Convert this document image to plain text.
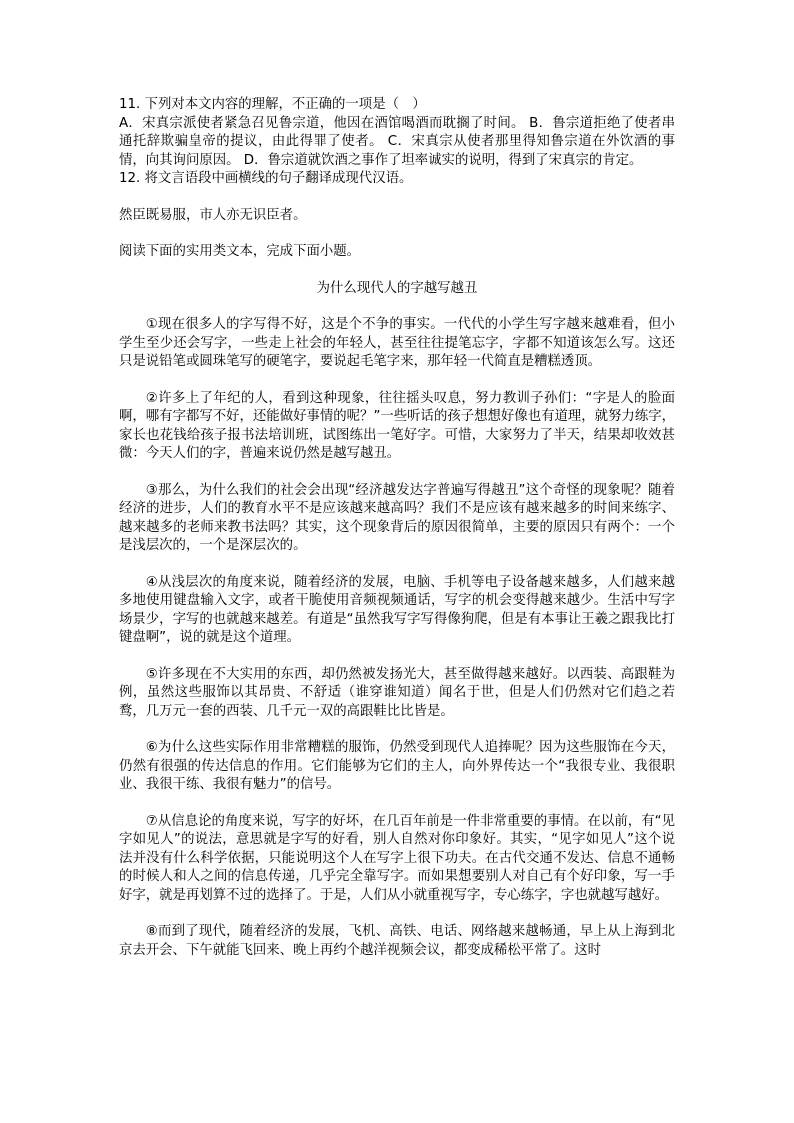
11. 下列对本文内容的理解，不正确的一项是（　）

A．宋真宗派使者紧急召见鲁宗道，他因在酒馆喝酒而耽搁了时间。 B．鲁宗道拒绝了使者串通托辞欺骗皇帝的提议，由此得罪了使者。 C．宋真宗从使者那里得知鲁宗道在外饮酒的事情，向其询问原因。 D．鲁宗道就饮酒之事作了坦率诚实的说明，得到了宋真宗的肯定。

12. 将文言语段中画横线的句子翻译成现代汉语。

然臣既易服，市人亦无识臣者。

阅读下面的实用类文本，完成下面小题。

为什么现代人的字越写越丑

①现在很多人的字写得不好，这是个不争的事实。一代代的小学生写字越来越难看，但小学生至少还会写字，一些走上社会的年轻人，甚至往往提笔忘字，字都不知道该怎么写。这还只是说铅笔或圆珠笔写的硬笔字，要说起毛笔字来，那年轻一代简直是糟糕透顶。

②许多上了年纪的人，看到这种现象，往往摇头叹息，努力教训子孙们：“字是人的脸面啊，哪有字都写不好，还能做好事情的呢？”一些听话的孩子想想好像也有道理，就努力练字，家长也花钱给孩子报书法培训班，试图练出一笔好字。可惜，大家努力了半天，结果却收效甚微：今天人们的字，普遍来说仍然是越写越丑。

③那么，为什么我们的社会会出现“经济越发达字普遍写得越丑”这个奇怪的现象呢？随着经济的进步，人们的教育水平不是应该越来越高吗？我们不是应该有越来越多的时间来练字、越来越多的老师来教书法吗？其实，这个现象背后的原因很简单，主要的原因只有两个：一个是浅层次的，一个是深层次的。

④从浅层次的角度来说，随着经济的发展，电脑、手机等电子设备越来越多，人们越来越多地使用键盘输入文字，或者干脆使用音频视频通话，写字的机会变得越来越少。生活中写字场景少，字写的也就越来越差。有道是“虽然我写字写得像狗爬，但是有本事让王羲之跟我比打键盘啊”，说的就是这个道理。

⑤许多现在不大实用的东西，却仍然被发扬光大，甚至做得越来越好。以西装、高跟鞋为例，虽然这些服饰以其昂贵、不舒适（谁穿谁知道）闻名于世，但是人们仍然对它们趋之若鹜，几万元一套的西装、几千元一双的高跟鞋比比皆是。

⑥为什么这些实际作用非常糟糕的服饰，仍然受到现代人追捧呢？因为这些服饰在今天，仍然有很强的传达信息的作用。它们能够为它们的主人，向外界传达一个“我很专业、我很职业、我很干练、我很有魅力”的信号。

⑦从信息论的角度来说，写字的好坏，在几百年前是一件非常重要的事情。在以前，有“见字如见人”的说法，意思就是字写的好看，别人自然对你印象好。其实，“见字如见人”这个说法并没有什么科学依据，只能说明这个人在写字上很下功夫。在古代交通不发达、信息不通畅的时候人和人之间的信息传递，几乎完全靠写字。而如果想要别人对自己有个好印象，写一手好字，就是再划算不过的选择了。于是，人们从小就重视写字，专心练字，字也就越写越好。

⑧而到了现代，随着经济的发展，飞机、高铁、电话、网络越来越畅通，早上从上海到北京去开会、下午就能飞回来、晚上再约个越洋视频会议，都变成稀松平常了。这时
